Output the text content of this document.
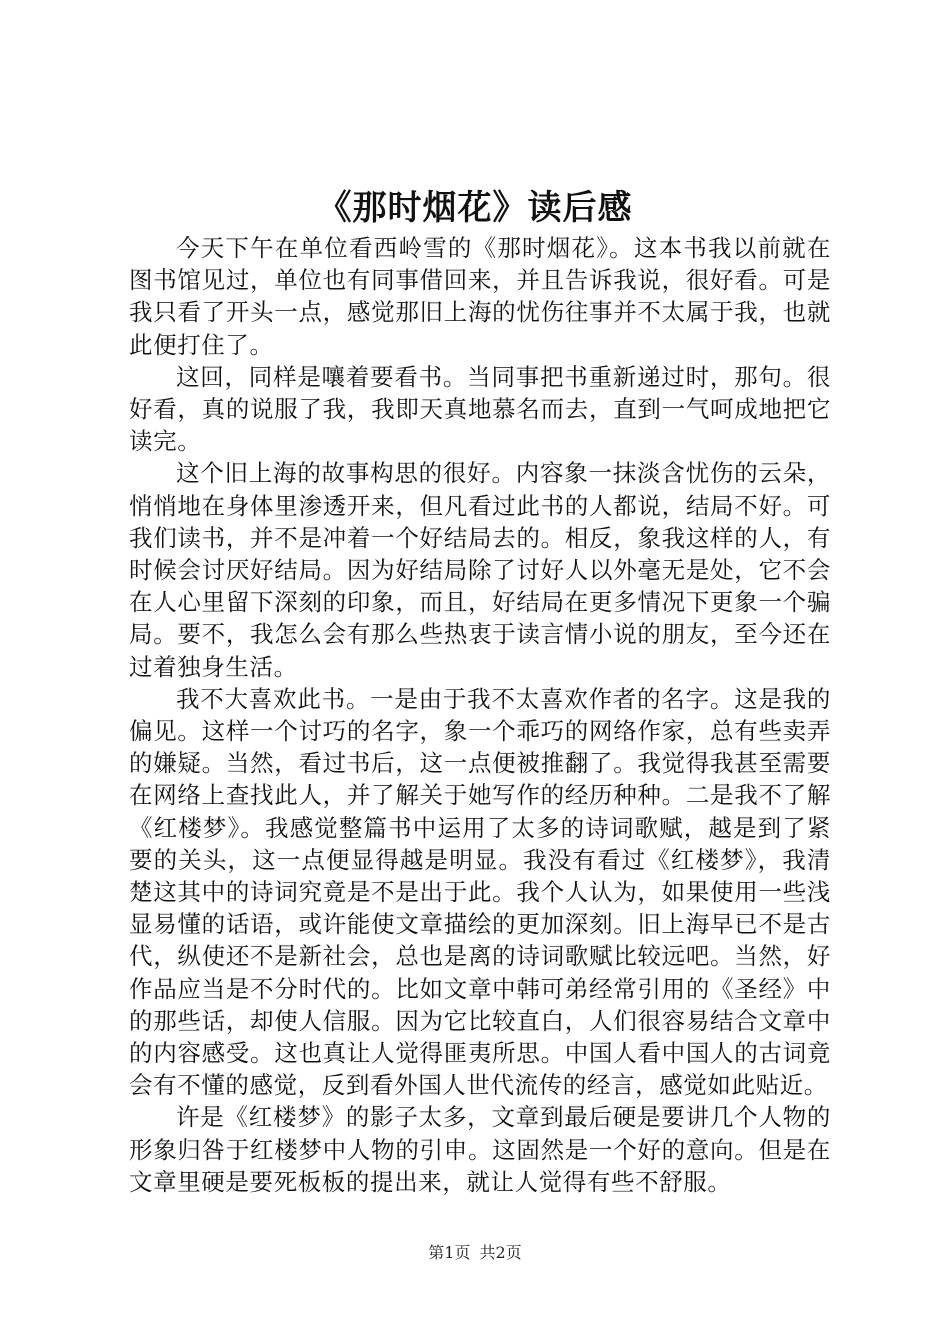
《那时烟花》读后感

今天下午在单位看西岭雪的《那时烟花》。这本书我以前就在图书馆见过，单位也有同事借回来，并且告诉我说，很好看。可是我只看了开头一点，感觉那旧上海的忧伤往事并不太属于我，也就此便打住了。

这回，同样是嚷着要看书。当同事把书重新递过时，那句。很好看，真的说服了我，我即天真地慕名而去，直到一气呵成地把它读完。

这个旧上海的故事构思的很好。内容象一抹淡含忧伤的云朵，悄悄地在身体里渗透开来，但凡看过此书的人都说，结局不好。可我们读书，并不是冲着一个好结局去的。相反，象我这样的人，有时候会讨厌好结局。因为好结局除了讨好人以外毫无是处，它不会在人心里留下深刻的印象，而且，好结局在更多情况下更象一个骗局。要不，我怎么会有那么些热衷于读言情小说的朋友，至今还在过着独身生活。

我不大喜欢此书。一是由于我不太喜欢作者的名字。这是我的偏见。这样一个讨巧的名字，象一个乖巧的网络作家，总有些卖弄的嫌疑。当然，看过书后，这一点便被推翻了。我觉得我甚至需要在网络上查找此人，并了解关于她写作的经历种种。二是我不了解《红楼梦》。我感觉整篇书中运用了太多的诗词歌赋，越是到了紧要的关头，这一点便显得越是明显。我没有看过《红楼梦》，我清楚这其中的诗词究竟是不是出于此。我个人认为，如果使用一些浅显易懂的话语，或许能使文章描绘的更加深刻。旧上海早已不是古代，纵使还不是新社会，总也是离的诗词歌赋比较远吧。当然，好作品应当是不分时代的。比如文章中韩可弟经常引用的《圣经》中的那些话，却使人信服。因为它比较直白，人们很容易结合文章中的内容感受。这也真让人觉得匪夷所思。中国人看中国人的古词竟会有不懂的感觉，反到看外国人世代流传的经言，感觉如此贴近。

许是《红楼梦》的影子太多，文章到最后硬是要讲几个人物的形象归咎于红楼梦中人物的引申。这固然是一个好的意向。但是在文章里硬是要死板板的提出来，就让人觉得有些不舒服。

第1页 共2页
